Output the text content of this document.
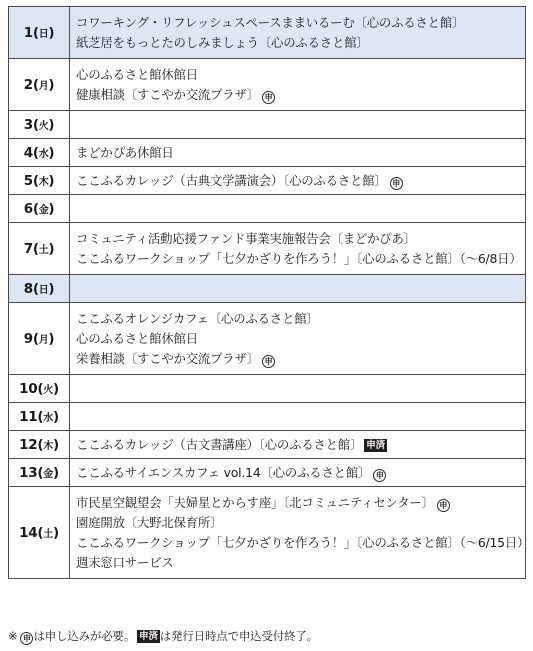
1(日)	コワーキング・リフレッシュスペースままいるーむ〔心のふるさと館〕
紙芝居をもっとたのしみましょう〔心のふるさと館〕

2(月)	心のふるさと館休館日
健康相談〔すこやか交流プラザ〕 申

3(火)	

4(水)	まどかぴあ休館日

5(木)	ここふるカレッジ（古典文学講演会）〔心のふるさと館〕 申

6(金)	

7(土)	コミュニティ活動応援ファンド事業実施報告会〔まどかぴあ〕
ここふるワークショップ「七夕かざりを作ろう！」〔心のふるさと館〕（〜6/8日）

8(日)	

9(月)	ここふるオレンジカフェ〔心のふるさと館〕
心のふるさと館休館日
栄養相談〔すこやか交流プラザ〕 申

10(火)	

11(水)	

12(木)	ここふるカレッジ（古文書講座）〔心のふるさと館〕 申済

13(金)	ここふるサイエンスカフェ vol.14〔心のふるさと館〕 申

14(土)	市民星空観望会「夫婦星とからす座」〔北コミュニティセンター〕 申
園庭開放〔大野北保育所〕
ここふるワークショップ「七夕かざりを作ろう！」〔心のふるさと館〕（〜6/15日）
週末窓口サービス
※ 申 は申し込みが必要。 申済 は発行日時点で申込受付終了。
